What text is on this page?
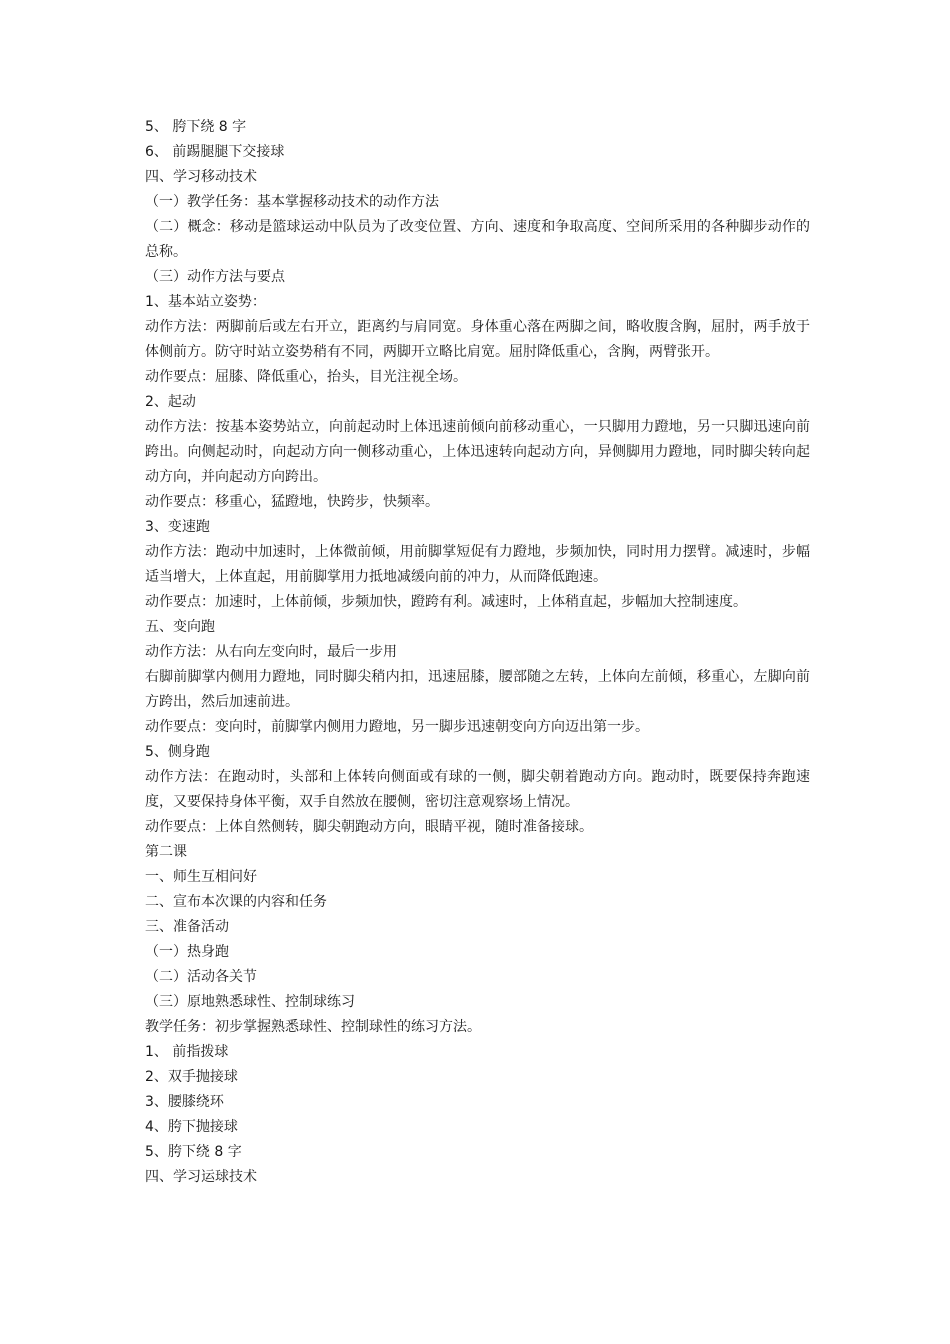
5、 胯下绕 8 字
6、 前踢腿腿下交接球
四、学习移动技术
（一）教学任务：基本掌握移动技术的动作方法
（二）概念：移动是篮球运动中队员为了改变位置、方向、速度和争取高度、空间所采用的各种脚步动作的总称。
（三）动作方法与要点
1、基本站立姿势：
动作方法：两脚前后或左右开立，距离约与肩同宽。身体重心落在两脚之间，略收腹含胸，屈肘，两手放于体侧前方。防守时站立姿势稍有不同，两脚开立略比肩宽。屈肘降低重心，含胸，两臂张开。
动作要点：屈膝、降低重心，抬头，目光注视全场。
2、起动
动作方法：按基本姿势站立，向前起动时上体迅速前倾向前移动重心，一只脚用力蹬地，另一只脚迅速向前跨出。向侧起动时，向起动方向一侧移动重心，上体迅速转向起动方向，异侧脚用力蹬地，同时脚尖转向起动方向，并向起动方向跨出。
动作要点：移重心，猛蹬地，快跨步，快频率。
3、变速跑
动作方法：跑动中加速时，上体微前倾，用前脚掌短促有力蹬地，步频加快，同时用力摆臂。减速时，步幅适当增大，上体直起，用前脚掌用力抵地减缓向前的冲力，从而降低跑速。
动作要点：加速时，上体前倾，步频加快，蹬跨有利。减速时，上体稍直起，步幅加大控制速度。
五、变向跑
动作方法：从右向左变向时，最后一步用
右脚前脚掌内侧用力蹬地，同时脚尖稍内扣，迅速屈膝，腰部随之左转，上体向左前倾，移重心，左脚向前方跨出，然后加速前进。
动作要点：变向时，前脚掌内侧用力蹬地，另一脚步迅速朝变向方向迈出第一步。
5、侧身跑
动作方法：在跑动时，头部和上体转向侧面或有球的一侧，脚尖朝着跑动方向。跑动时，既要保持奔跑速度，又要保持身体平衡，双手自然放在腰侧，密切注意观察场上情况。
动作要点：上体自然侧转，脚尖朝跑动方向，眼睛平视，随时准备接球。
第二课
一、师生互相问好
二、宣布本次课的内容和任务
三、准备活动
（一）热身跑
（二）活动各关节
（三）原地熟悉球性、控制球练习
教学任务：初步掌握熟悉球性、控制球性的练习方法。
1、 前指拨球
2、双手抛接球
3、腰膝绕环
4、胯下抛接球
5、胯下绕 8 字
四、学习运球技术
